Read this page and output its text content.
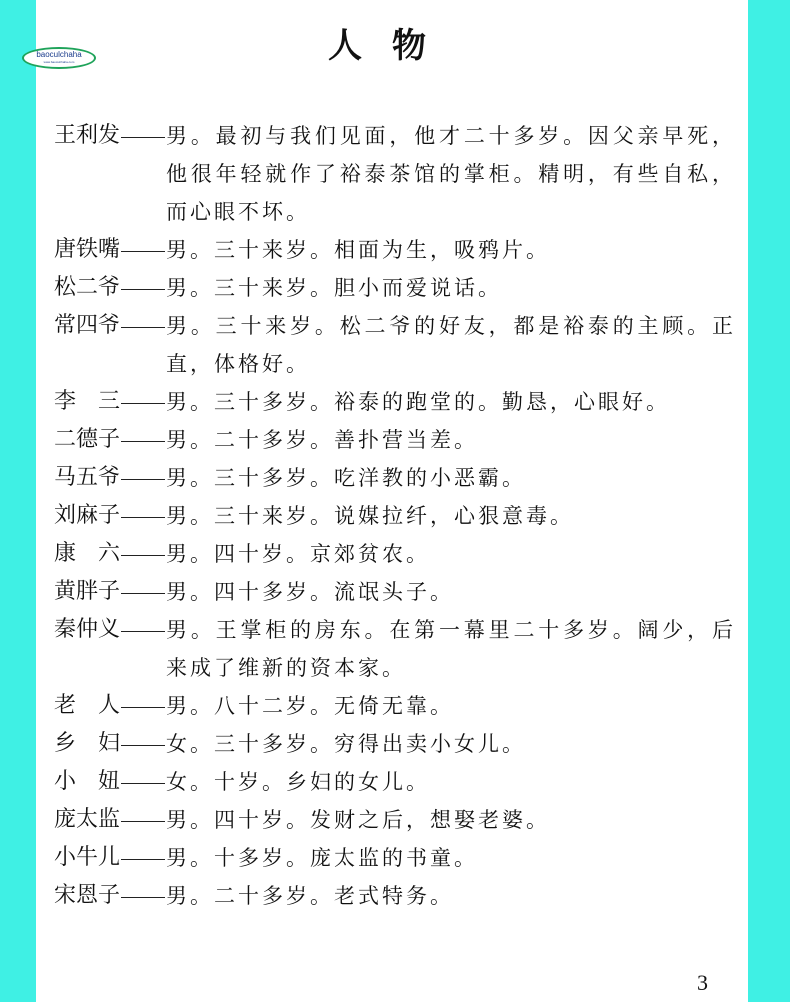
baoculchaha
www.baoculchaha.com	人物
王 利 发 男。最初与我们见面，他才二十多岁。因父亲早死，他很年轻就作了裕泰茶馆的掌柜。精明，有些自私，而心眼不坏。
唐 铁 嘴 男。三十来岁。相面为生，吸鸦片。
松 二 爷 男。三十来岁。胆小而爱说话。
常 四 爷 男。三十来岁。松二爷的好友，都是裕泰的主顾。正直，体格好。
李 三 男。三十多岁。裕泰的跑堂的。勤恳，心眼好。
二 德 子 男。二十多岁。善扑营当差。
马 五 爷 男。三十多岁。吃洋教的小恶霸。
刘 麻 子 男。三十来岁。说媒拉纤，心狠意毒。
康 六 男。四十岁。京郊贫农。
黄 胖 子 男。四十多岁。流氓头子。
秦 仲 义 男。王掌柜的房东。在第一幕里二十多岁。阔少，后来成了维新的资本家。
老 人 男。八十二岁。无倚无靠。
乡 妇 女。三十多岁。穷得出卖小女儿。
小 妞 女。十岁。乡妇的女儿。
庞 太 监 男。四十岁。发财之后，想娶老婆。
小 牛 儿 男。十多岁。庞太监的书童。
宋 恩 子 男。二十多岁。老式特务。
3
